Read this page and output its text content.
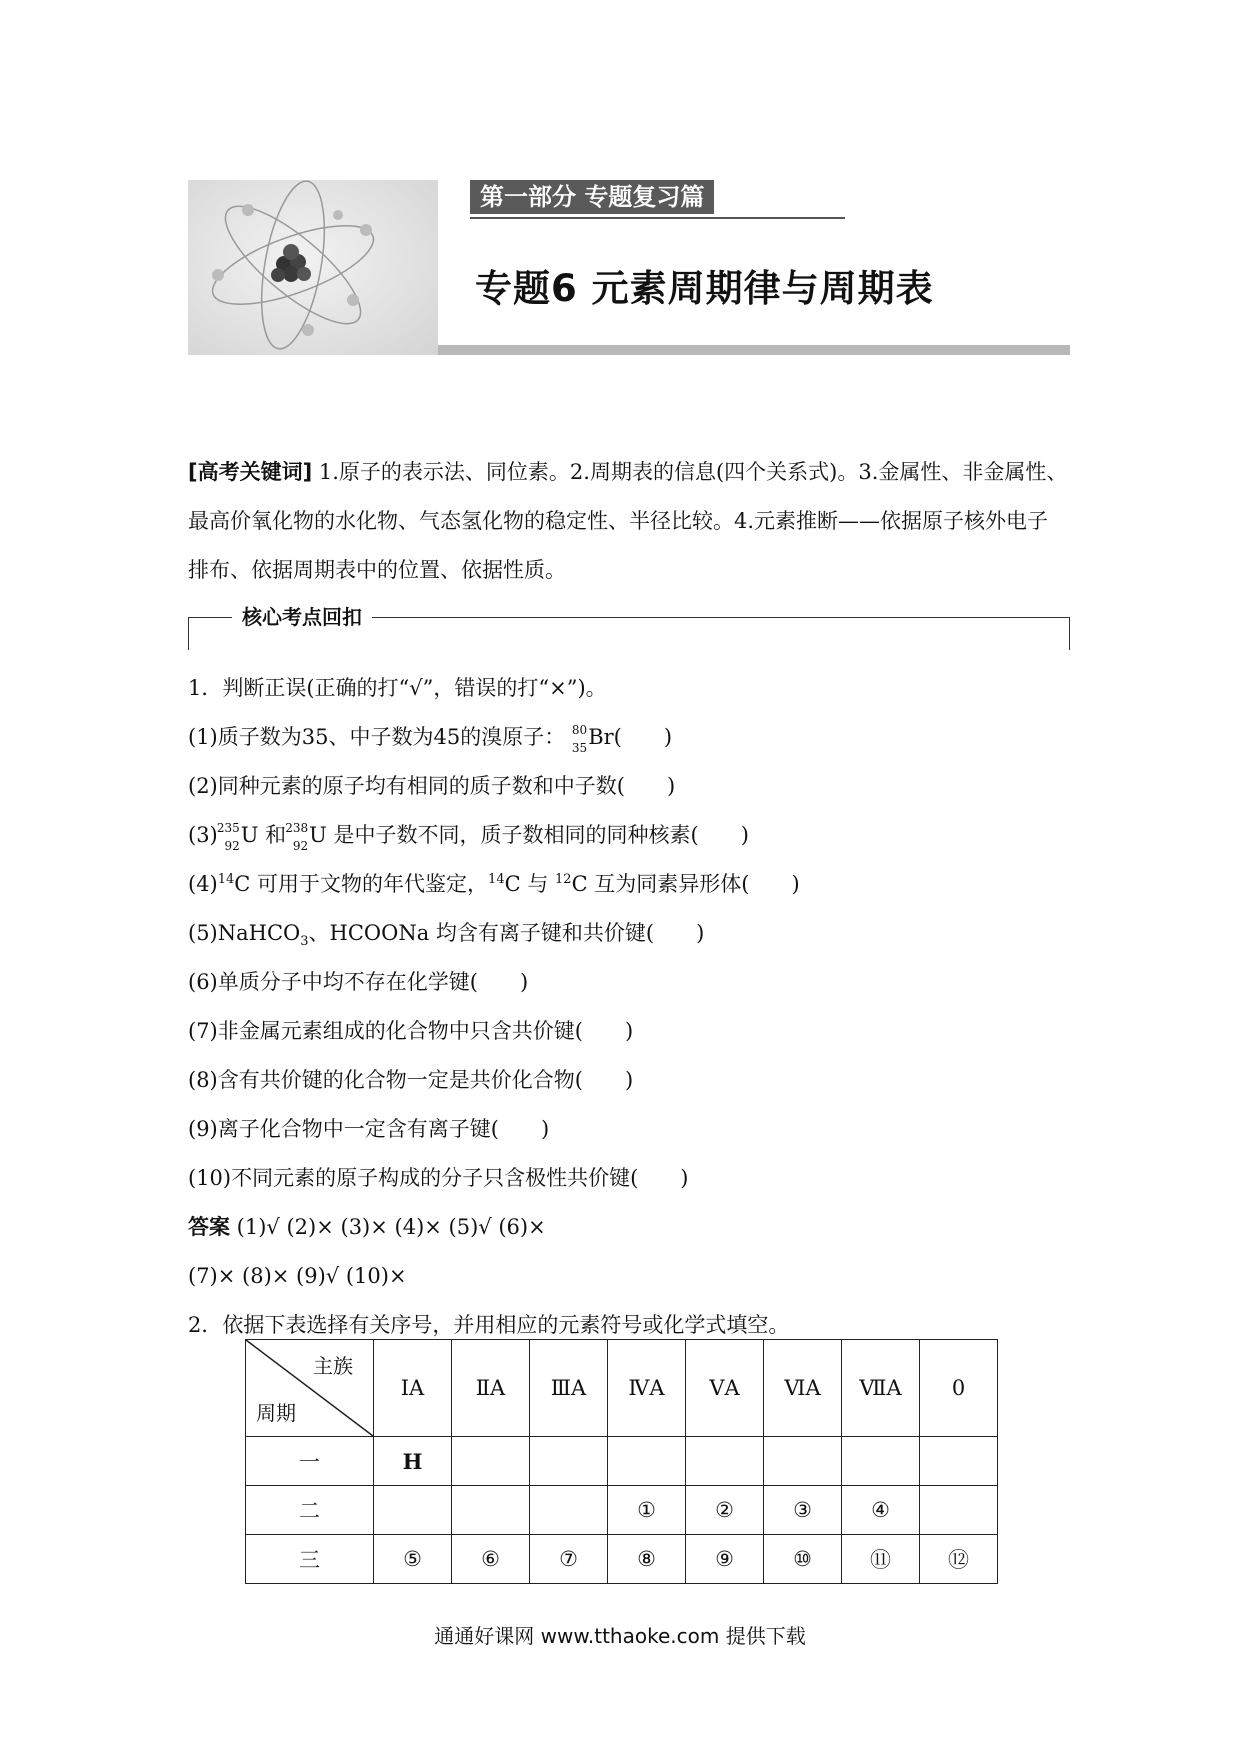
第一部分 专题复习篇
专题6 元素周期律与周期表
[高考关键词] 1.原子的表示法、同位素。2.周期表的信息(四个关系式)。3.金属性、非金属性、最高价氧化物的水化物、气态氢化物的稳定性、半径比较。4.元素推断——依据原子核外电子排布、依据周期表中的位置、依据性质。
核心考点回扣
1．判断正误(正确的打“√”，错误的打“×”)。
(1)质子数为35、中子数为45的溴原子： 80
35 Br(　　)
(2)同种元素的原子均有相同的质子数和中子数(　　)
(3) 235
92 U 和 238
92 U 是中子数不同，质子数相同的同种核素(　　)
$(4)^{14}C$ 可用于文物的年代鉴定，$^{14}$C 与 $^{12}$C 互为同素异形体(　　)
(5)NaHCO$_3$、HCOONa 均含有离子键和共价键(　　)
(6)单质分子中均不存在化学键(　　)
(7)非金属元素组成的化合物中只含共价键(　　)
(8)含有共价键的化合物一定是共价化合物(　　)
(9)离子化合物中一定含有离子键(　　)
(10)不同元素的原子构成的分子只含极性共价键(　　)
答案 (1)√ (2)× (3)× (4)× (5)√ (6)×
(7)× (8)× (9)√ (10)×
2．依据下表选择有关序号，并用相应的元素符号或化学式填空。
主族
周期	ⅠA	ⅡA	ⅢA	ⅣA	ⅤA	ⅥA	ⅦA	0
一	H							
二				①	②	③	④	
三	⑤	⑥	⑦	⑧	⑨	⑩	⑪	⑫
通通好课网 www.tthaoke.com 提供下载
